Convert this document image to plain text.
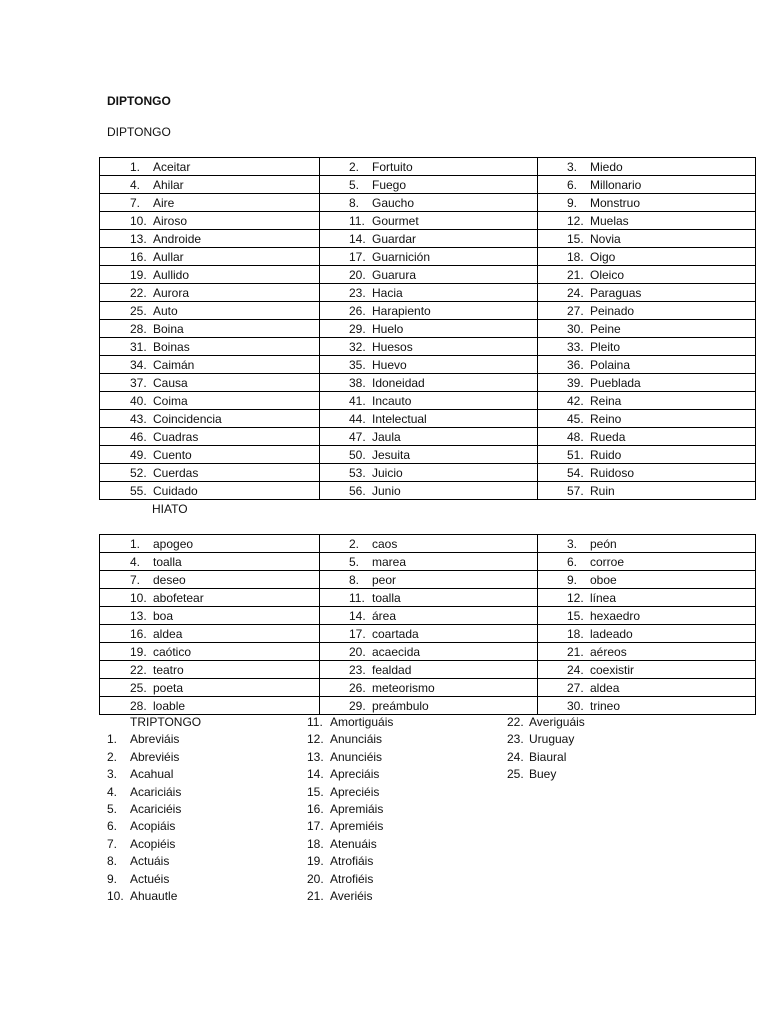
DIPTONGO
DIPTONGO
1. Aceitar	2. Fortuito	3. Miedo
4. Ahilar	5. Fuego	6. Millonario
7. Aire	8. Gaucho	9. Monstruo
10. Airoso	11. Gourmet	12. Muelas
13. Androide	14. Guardar	15. Novia
16. Aullar	17. Guarnición	18. Oigo
19. Aullido	20. Guarura	21. Oleico
22. Aurora	23. Hacia	24. Paraguas
25. Auto	26. Harapiento	27. Peinado
28. Boina	29. Huelo	30. Peine
31. Boinas	32. Huesos	33. Pleito
34. Caimán	35. Huevo	36. Polaina
37. Causa	38. Idoneidad	39. Pueblada
40. Coima	41. Incauto	42. Reina
43. Coincidencia	44. Intelectual	45. Reino
46. Cuadras	47. Jaula	48. Rueda
49. Cuento	50. Jesuita	51. Ruido
52. Cuerdas	53. Juicio	54. Ruidoso
55. Cuidado	56. Junio	57. Ruin
HIATO
1. apogeo	2. caos	3. peón
4. toalla	5. marea	6. corroe
7. deseo	8. peor	9. oboe
10. abofetear	11. toalla	12. línea
13. boa	14. área	15. hexaedro
16. aldea	17. coartada	18. ladeado
19. caótico	20. acaecida	21. aéreos
22. teatro	23. fealdad	24. coexistir
25. poeta	26. meteorismo	27. aldea
28. loable	29. preámbulo	30. trineo
TRIPTONGO
1. Abreviáis
2. Abreviéis
3. Acahual
4. Acariciáis
5. Acariciéis
6. Acopiáis
7. Acopiéis
8. Actuáis
9. Actuéis
10. Ahuautle
11. Amortiguáis
12. Anunciáis
13. Anunciéis
14. Apreciáis
15. Apreciéis
16. Apremiáis
17. Apremiéis
18. Atenuáis
19. Atrofiáis
20. Atrofiéis
21. Averiéis
22. Averiguáis
23. Uruguay
24. Biaural
25. Buey
